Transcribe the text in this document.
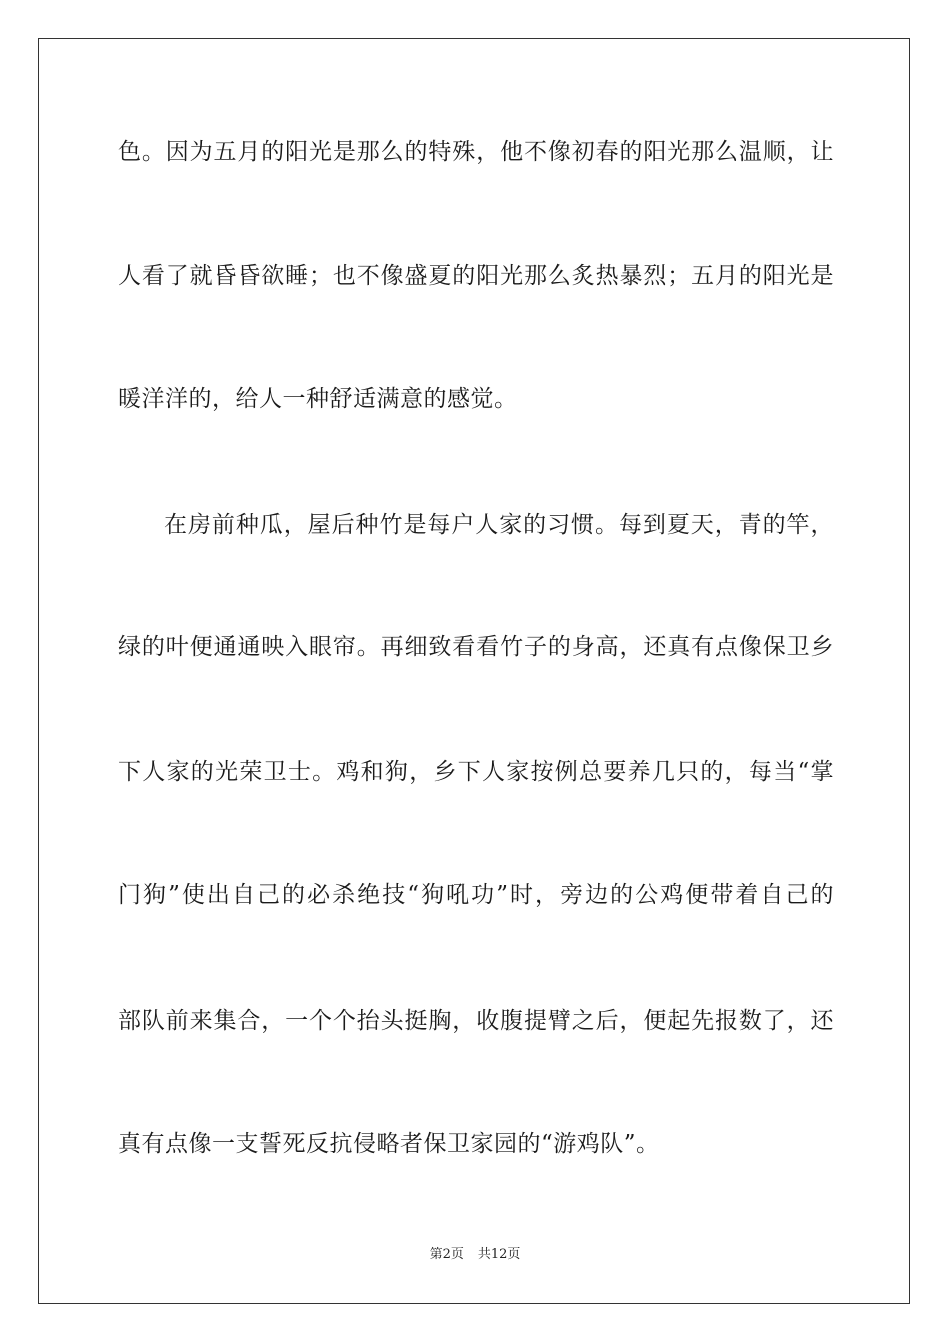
色。因为五月的阳光是那么的特殊，他不像初春的阳光那么温顺，让
人看了就昏昏欲睡；也不像盛夏的阳光那么炙热暴烈；五月的阳光是
暖洋洋的，给人一种舒适满意的感觉。
在房前种瓜，屋后种竹是每户人家的习惯。每到夏天，青的竿，
绿的叶便通通映入眼帘。再细致看看竹子的身高，还真有点像保卫乡
下人家的光荣卫士。鸡和狗，乡下人家按例总要养几只的，每当“掌
门狗”使出自己的必杀绝技“狗吼功”时，旁边的公鸡便带着自己的
部队前来集合，一个个抬头挺胸，收腹提臂之后，便起先报数了，还
真有点像一支誓死反抗侵略者保卫家园的“游鸡队”。
第2页 共12页
